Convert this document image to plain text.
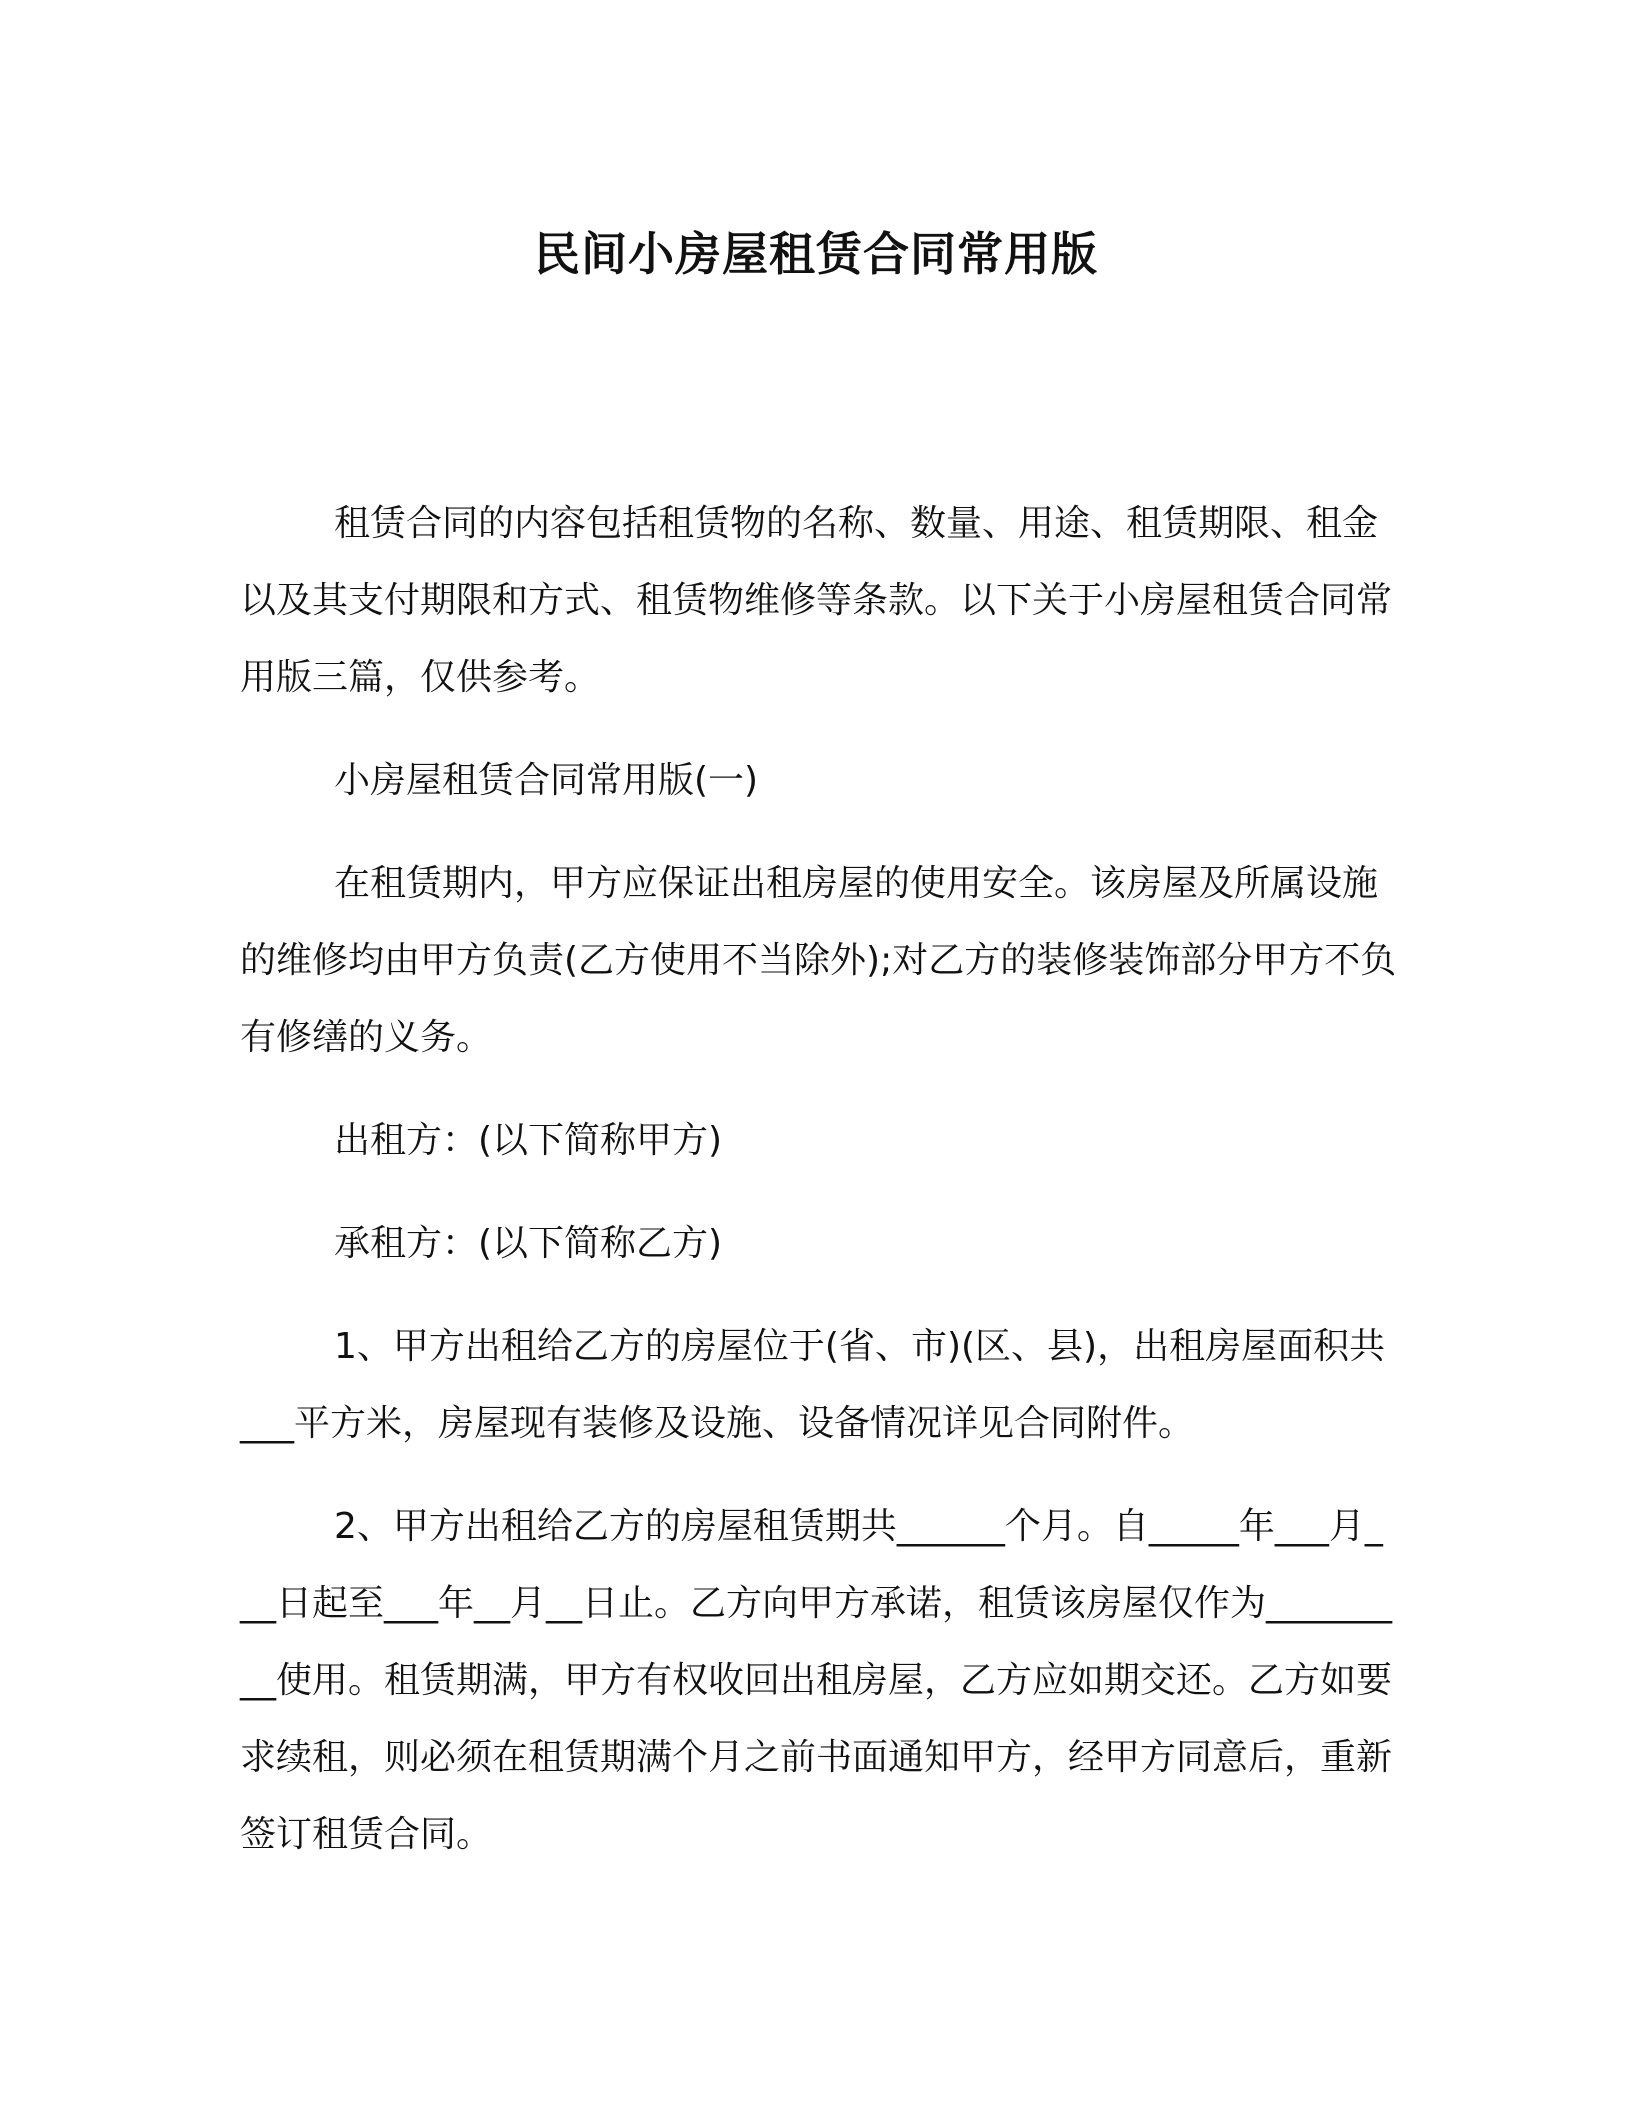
民间小房屋租赁合同常用版

租赁合同的内容包括租赁物的名称、数量、用途、租赁期限、租金以及其支付期限和方式、租赁物维修等条款。以下关于小房屋租赁合同常用版三篇，仅供参考。

小房屋租赁合同常用版(一)

在租赁期内，甲方应保证出租房屋的使用安全。该房屋及所属设施的维修均由甲方负责(乙方使用不当除外);对乙方的装修装饰部分甲方不负有修缮的义务。

出租方：(以下简称甲方)

承租方：(以下简称乙方)

1、甲方出租给乙方的房屋位于(省、市)(区、县)，出租房屋面积共___平方米，房屋现有装修及设施、设备情况详见合同附件。

2、甲方出租给乙方的房屋租赁期共______个月。自_____年___月___日起至___年__月__日止。乙方向甲方承诺，租赁该房屋仅作为_________使用。租赁期满，甲方有权收回出租房屋，乙方应如期交还。乙方如要求续租，则必须在租赁期满个月之前书面通知甲方，经甲方同意后，重新签订租赁合同。
